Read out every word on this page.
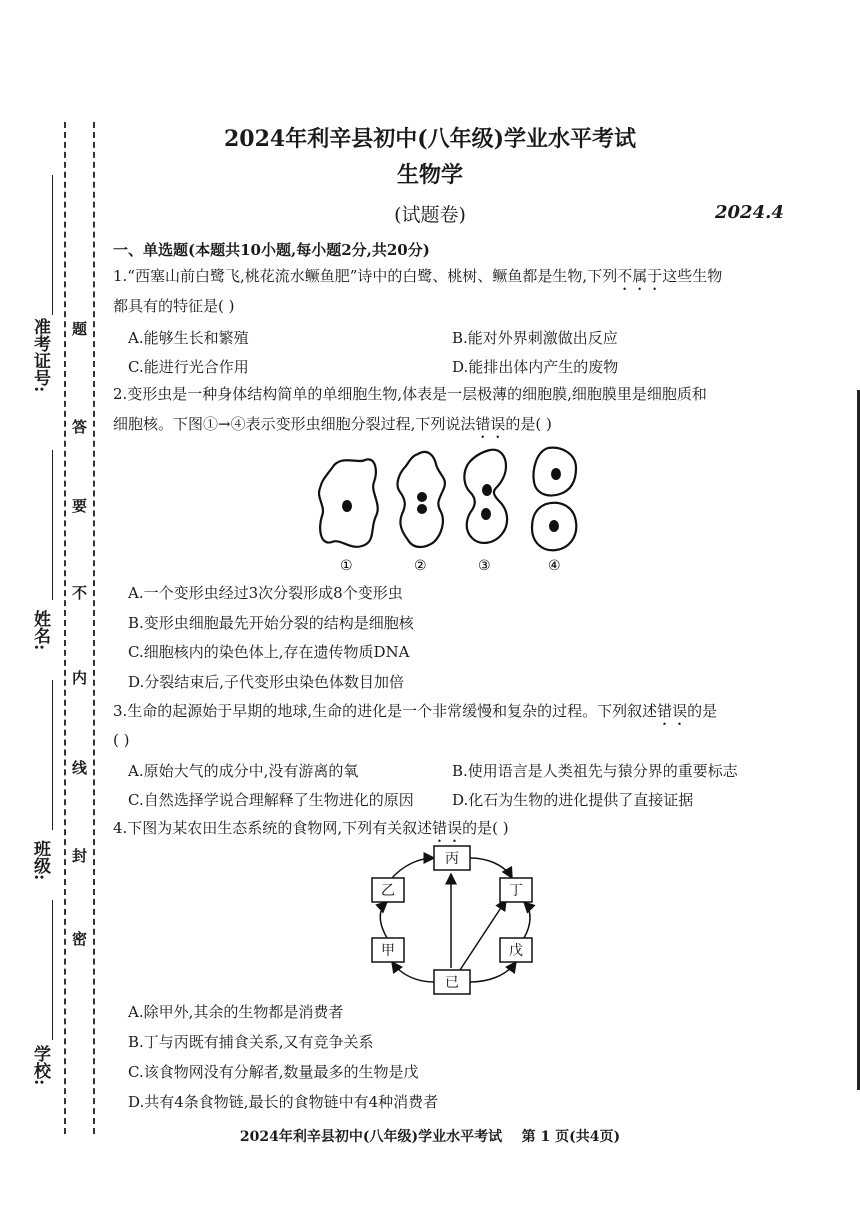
准考证号:
姓名:
班级:
学校:
题
答
要
不
内
线
封
密
2024年利辛县初中(八年级)学业水平考试
生物学
(试题卷)	2024.4
一、单选题(本题共10小题,每小题2分,共20分)
1.“西塞山前白鹭飞,桃花流水鳜鱼肥”诗中的白鹭、桃树、鳜鱼都是生物,下列不属于这些生物
都具有的特征是( )
A.能够生长和繁殖	B.能对外界刺激做出反应
C.能进行光合作用	D.能排出体内产生的废物
2.变形虫是一种身体结构简单的单细胞生物,体表是一层极薄的细胞膜,细胞膜里是细胞质和
细胞核。下图①→④表示变形虫细胞分裂过程,下列说法错误的是( )
①	②	③	④
A.一个变形虫经过3次分裂形成8个变形虫
B.变形虫细胞最先开始分裂的结构是细胞核
C.细胞核内的染色体上,存在遗传物质DNA
D.分裂结束后,子代变形虫染色体数目加倍
3.生命的起源始于早期的地球,生命的进化是一个非常缓慢和复杂的过程。下列叙述错误的是
( )
A.原始大气的成分中,没有游离的氧	B.使用语言是人类祖先与猿分界的重要标志
C.自然选择学说合理解释了生物进化的原因	D.化石为生物的进化提供了直接证据
4.下图为某农田生态系统的食物网,下列有关叙述错误的是( )
丙
乙	丁
甲	戊
已
A.除甲外,其余的生物都是消费者
B.丁与丙既有捕食关系,又有竞争关系
C.该食物网没有分解者,数量最多的生物是戊
D.共有4条食物链,最长的食物链中有4种消费者
2024年利辛县初中(八年级)学业水平考试    第 1 页(共4页)
